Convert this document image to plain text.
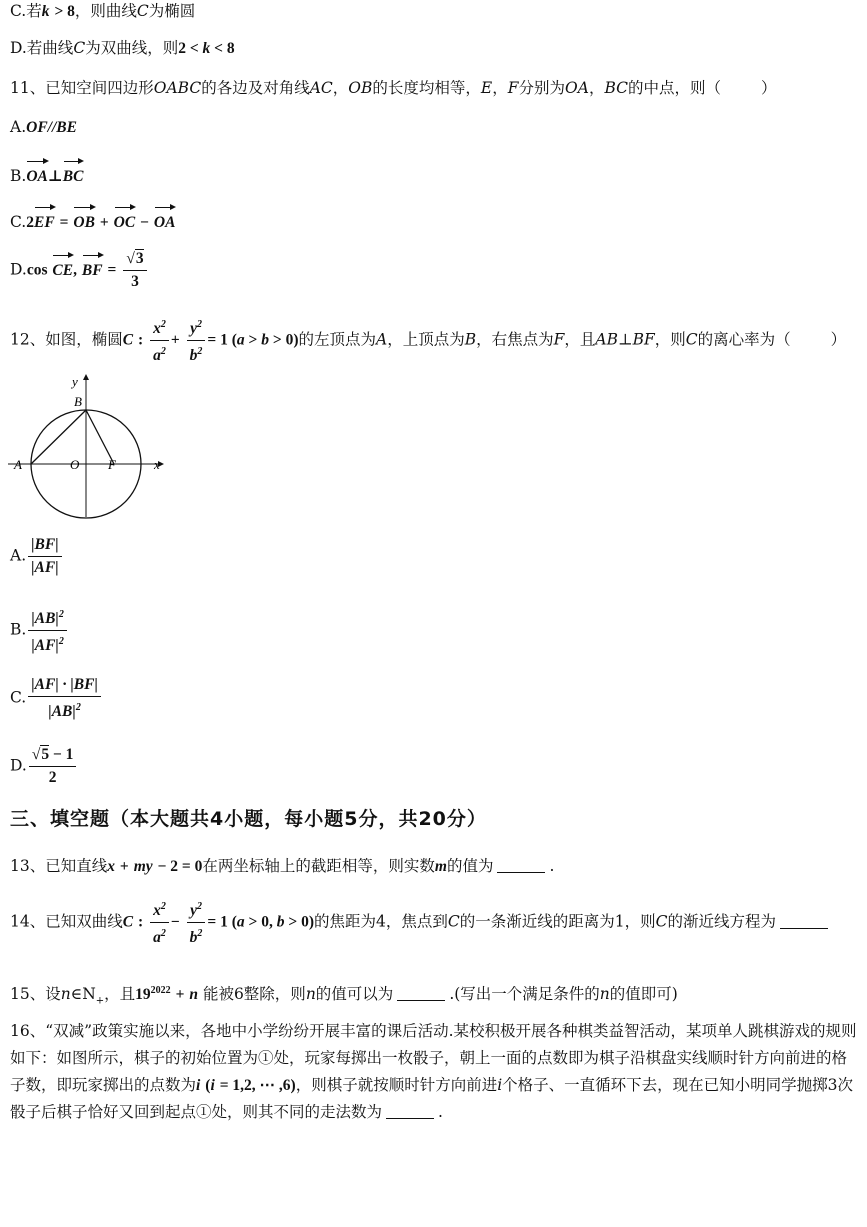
C.若k > 8，则曲线C为椭圆
D.若曲线C为双曲线，则2 < k < 8
11、已知空间四边形OABC的各边及对角线AC，OB的长度均相等，E，F分别为OA，BC的中点，则（	）
A.OF//BE
B.OA⊥BC
C.2EF = OB + OC − OA
D.cos CE, BF = $\frac{√3}{3}$
12、如图，椭圆C : $\frac{x^2}{a^2} + \frac{y^2}{b^2} = 1$ (a > b > 0)的左顶点为A，上顶点为B，右焦点为F，且AB⊥BF，则C的离心率为（	）
y
B
A	O F	x
A. $\frac{|BF|}{|AF|}$
B. $\frac{|AB|^2}{|AF|^2}$
C. $\frac{|AF| \cdot |BF|}{|AB|^2}$
D. $\frac{√5 - 1}{2}$
三、填空题（本大题共4小题，每小题5分，共20分）
13、已知直线x + my − 2 = 0在两坐标轴上的截距相等，则实数m的值为	.
14、已知双曲线C : $\frac{x^2}{a^2} - \frac{y^2}{b^2} = 1$ (a > 0, b > 0)的焦距为4，焦点到C的一条渐近线的距离为1，则C的渐近线方程为
15、设$n\in N_+$，且$19^{2022} + n$ 能被6整除，则n的值可以为	.(写出一个满足条件的n的值即可)
16、“双减”政策实施以来，各地中小学纷纷开展丰富的课后活动.某校积极开展各种棋类益智活动，某项单人跳棋游戏的规则如下：如图所示，棋子的初始位置为①处，玩家每掷出一枚骰子，朝上一面的点数即为棋子沿棋盘实线顺时针方向前进的格子数，即玩家掷出的点数为i (i = 1,2, ⋯ ,6)，则棋子就按顺时针方向前进i个格子、一直循环下去，现在已知小明同学抛掷3次骰子后棋子恰好又回到起点①处，则其不同的走法数为	.
